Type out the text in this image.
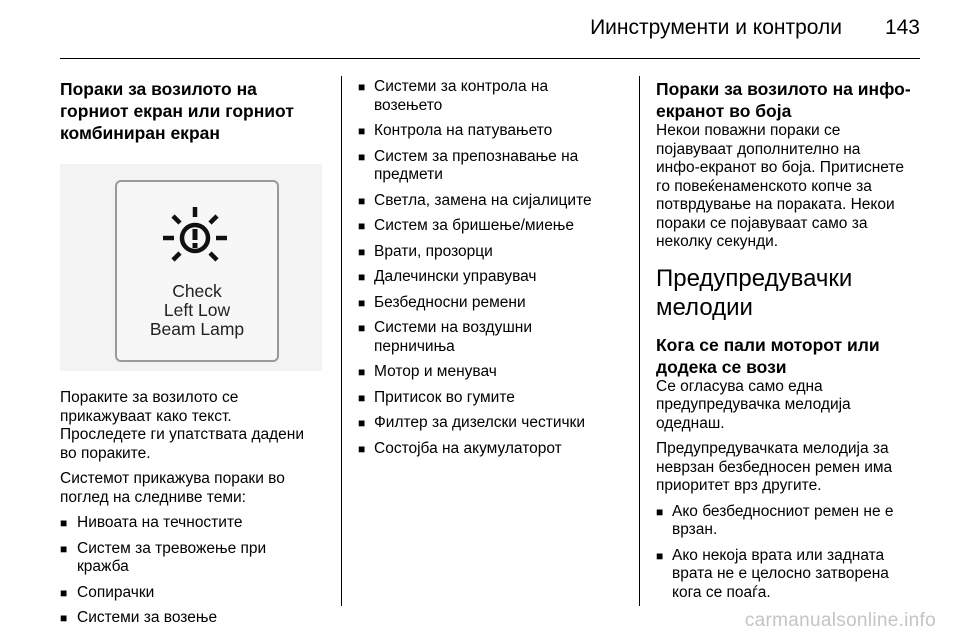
Иинструменти и контроли 143
Пораки за возилото на
горниот екран или горниот
комбиниран екран
Check
Left Low
Beam Lamp

Пораките за возилото се
прикажуваат како текст.
Проследете ги упатствата дадени
во пораките.

Системот прикажува пораки во
поглед на следниве теми:

■ Нивоата на течностите
■ Систем за тревожење при
кражба
■ Сопирачки
■ Системи за возење
■ Системи за контрола на
возењето
■ Контрола на патувањето
■ Систем за препознавање на
предмети
■ Светла, замена на сијалиците
■ Систем за бришење/миење
■ Врати, прозорци
■ Далечински управувач
■ Безбедносни ремени
■ Системи на воздушни
перничиња
■ Мотор и менувач
■ Притисок во гумите
■ Филтер за дизелски честички
■ Состојба на акумулаторот
Пораки за возилото на инфо-
екранот во боја

Некои поважни пораки се
појавуваат дополнително на
инфо-екранот во боја. Притиснете
го повеќенаменското копче за
потврдување на пораката. Некои
пораки се појавуваат само за
неколку секунди.

Предупредувачки
мелодии
Кога се пали моторот или
додека се вози

Се огласува само една
предупредувачка мелодија
одеднаш.

Предупредувачката мелодија за
неврзан безбедносен ремен има
приоритет врз другите.

■ Ако безбедносниот ремен не е
врзан.
■ Ако некоја врата или задната
врата не е целосно затворена
кога се поаѓа.
carmanualsonline.info
